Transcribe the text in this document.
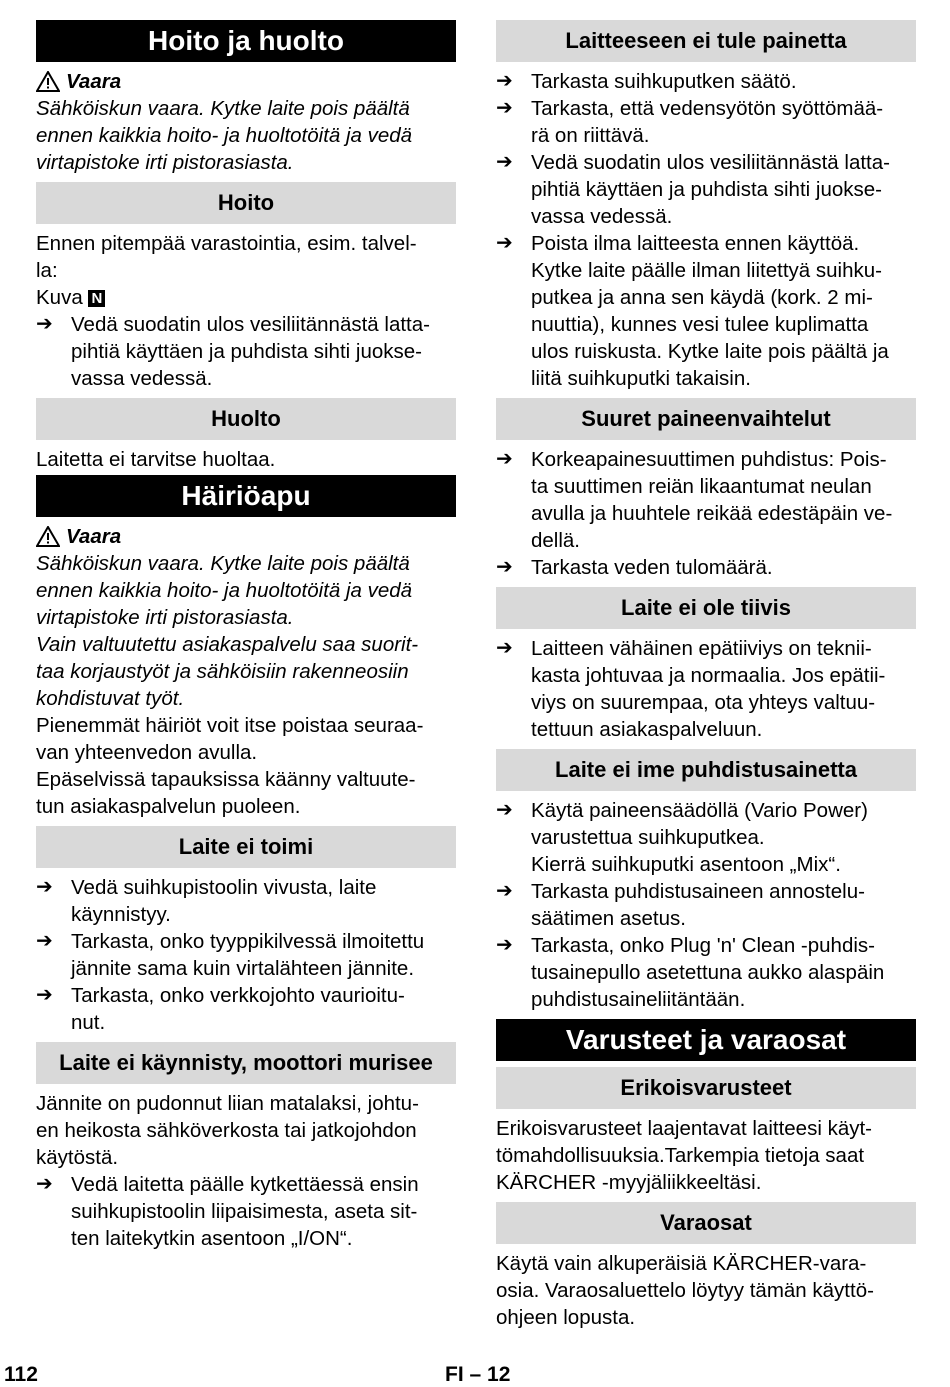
Hoito ja huolto

Vaara

Sähköiskun vaara. Kytke laite pois päältä

ennen kaikkia hoito- ja huoltotöitä ja vedä

virtapistoke irti pistorasiasta.

Hoito

Ennen pitempää varastointia, esim. talvel-

la:

Kuva N

➔ Vedä suodatin ulos vesiliitännästä latta-
pihtiä käyttäen ja puhdista sihti juokse-
vassa vedessä.
Huolto

Laitetta ei tarvitse huoltaa.

Häiriöapu

Vaara

Sähköiskun vaara. Kytke laite pois päältä

ennen kaikkia hoito- ja huoltotöitä ja vedä

virtapistoke irti pistorasiasta.

Vain valtuutettu asiakaspalvelu saa suorit-

taa korjaustyöt ja sähköisiin rakenneosiin

kohdistuvat työt.

Pienemmät häiriöt voit itse poistaa seuraa-

van yhteenvedon avulla.

Epäselvissä tapauksissa käänny valtuute-

tun asiakaspalvelun puoleen.

Laite ei toimi
➔ Vedä suihkupistoolin vivusta, laite
käynnistyy.
➔ Tarkasta, onko tyyppikilvessä ilmoitettu
jännite sama kuin virtalähteen jännite.
➔ Tarkasta, onko verkkojohto vaurioitu-
nut.
Laite ei käynnisty, moottori murisee

Jännite on pudonnut liian matalaksi, johtu-

en heikosta sähköverkosta tai jatkojohdon

käytöstä.

➔ Vedä laitetta päälle kytkettäessä ensin
suihkupistoolin liipaisimesta, aseta sit-
ten laitekytkin asentoon „I/ON“.
Laitteeseen ei tule painetta
➔ Tarkasta suihkuputken säätö.
➔ Tarkasta, että vedensyötön syöttömää-
rä on riittävä.
➔ Vedä suodatin ulos vesiliitännästä latta-
pihtiä käyttäen ja puhdista sihti juokse-
vassa vedessä.
➔ Poista ilma laitteesta ennen käyttöä.
Kytke laite päälle ilman liitettyä suihku-
putkea ja anna sen käydä (kork. 2 mi-
nuuttia), kunnes vesi tulee kuplimatta
ulos ruiskusta. Kytke laite pois päältä ja
liitä suihkuputki takaisin.
Suuret paineenvaihtelut
➔ Korkeapainesuuttimen puhdistus: Pois-
ta suuttimen reiän likaantumat neulan
avulla ja huuhtele reikää edestäpäin ve-
dellä.
➔ Tarkasta veden tulomäärä.
Laite ei ole tiivis
➔ Laitteen vähäinen epätiiviys on teknii-
kasta johtuvaa ja normaalia. Jos epätii-
viys on suurempaa, ota yhteys valtuu-
tettuun asiakaspalveluun.
Laite ei ime puhdistusainetta
➔ Käytä paineensäädöllä (Vario Power)
varustettua suihkuputkea.
Kierrä suihkuputki asentoon „Mix“.
➔ Tarkasta puhdistusaineen annostelu-
säätimen asetus.
➔ Tarkasta, onko Plug 'n' Clean -puhdis-
tusainepullo asetettuna aukko alaspäin
puhdistusaineliitäntään.
Varusteet ja varaosat
Erikoisvarusteet

Erikoisvarusteet laajentavat laitteesi käyt-

tömahdollisuuksia.Tarkempia tietoja saat

KÄRCHER -myyjäliikkeeltäsi.

Varaosat

Käytä vain alkuperäisiä KÄRCHER-vara-

osia. Varaosaluettelo löytyy tämän käyttö-

ohjeen lopusta.

112	FI – 12
